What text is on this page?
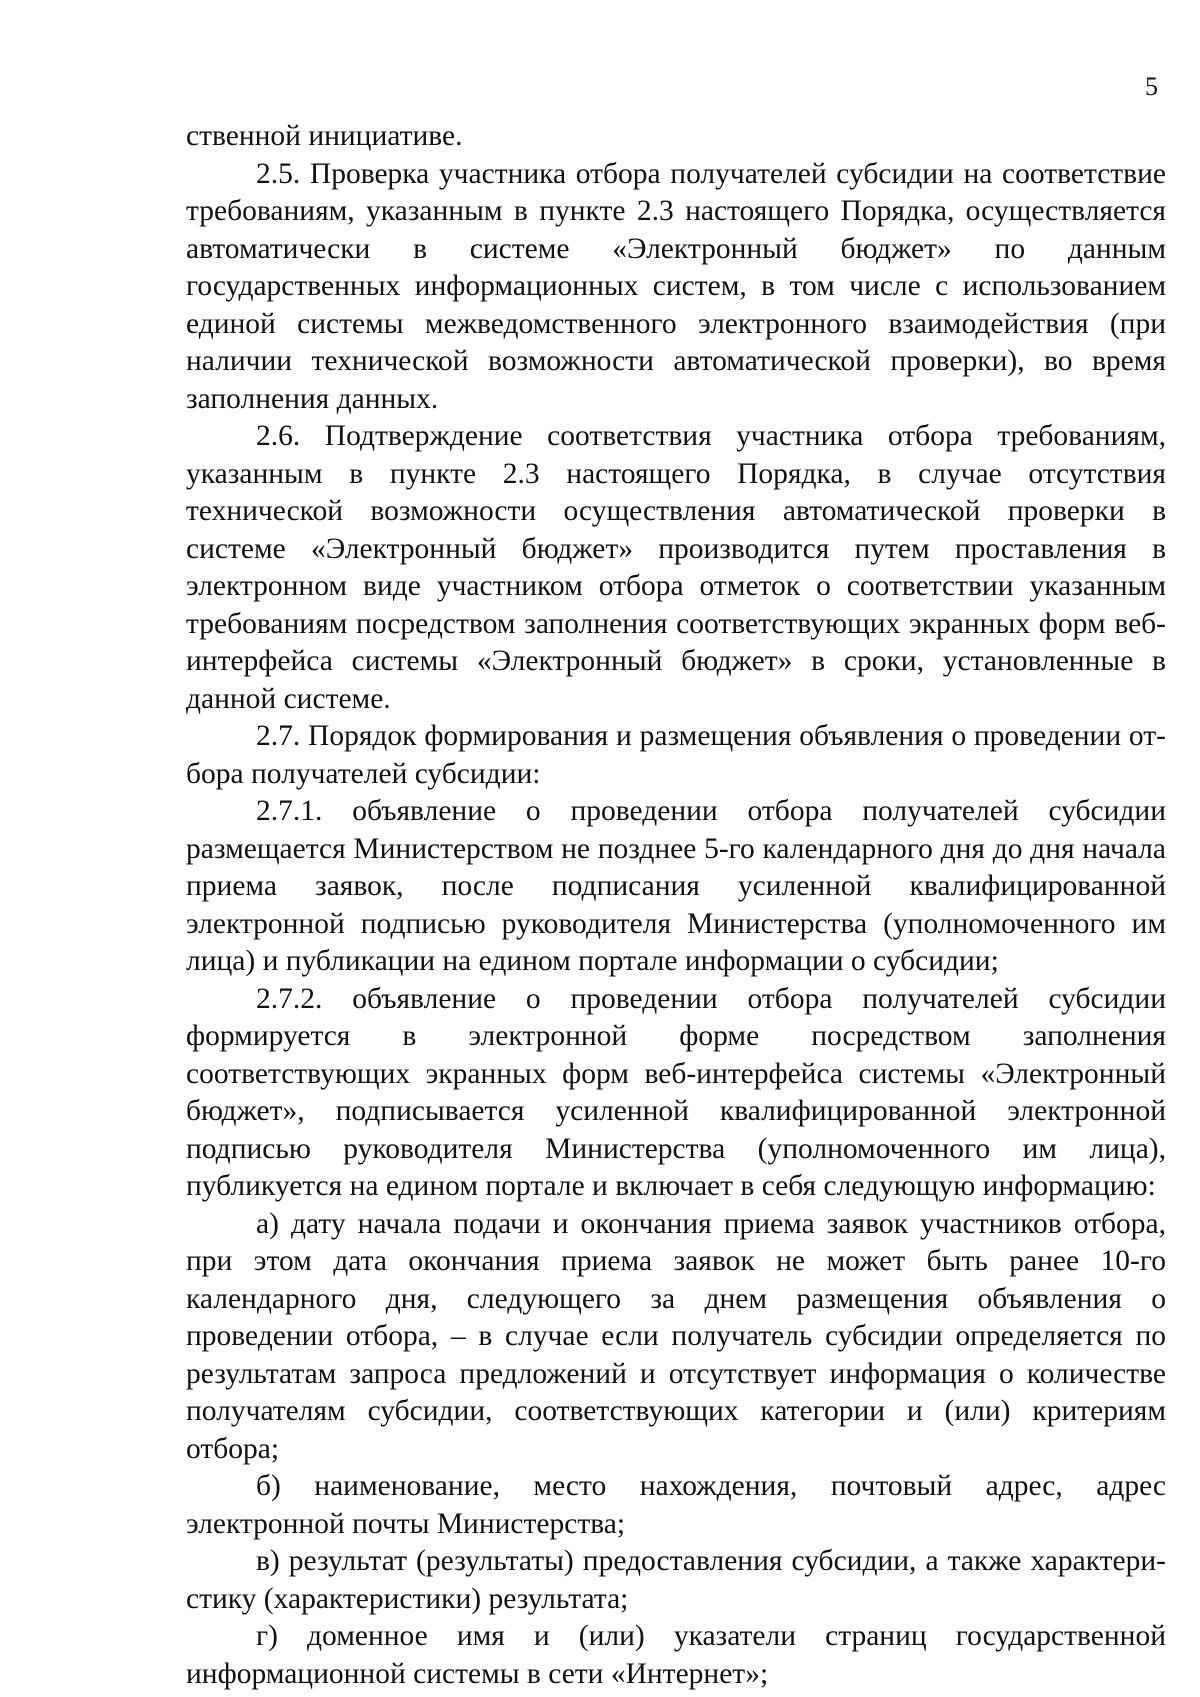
5

ственной инициативе.

2.5. Проверка участника отбора получателей субсидии на соответствие требованиям, указанным в пункте 2.3 настоящего Порядка, осуществляется автоматически в системе «Электронный бюджет» по данным государственных информационных систем, в том числе с использованием единой системы межведомственного электронного взаимодействия (при наличии технической возможности автоматической проверки), во время заполнения данных.

2.6. Подтверждение соответствия участника отбора требованиям, указанным в пункте 2.3 настоящего Порядка, в случае отсутствия технической возможности осуществления автоматической проверки в системе «Электронный бюджет» производится путем проставления в электронном виде участником отбора отметок о соответствии указанным требованиям посредством заполнения соответствующих экранных форм веб-интерфейса системы «Электронный бюджет» в сроки, установленные в данной системе.

2.7. Порядок формирования и размещения объявления о проведении отбора получателей субсидии:

2.7.1. объявление о проведении отбора получателей субсидии размещается Министерством не позднее 5-го календарного дня до дня начала приема заявок, после подписания усиленной квалифицированной электронной подписью руководителя Министерства (уполномоченного им лица) и публикации на едином портале информации о субсидии;

2.7.2. объявление о проведении отбора получателей субсидии формируется в электронной форме посредством заполнения соответствующих экранных форм веб-интерфейса системы «Электронный бюджет», подписывается усиленной квалифицированной электронной подписью руководителя Министерства (уполномоченного им лица), публикуется на едином портале и включает в себя следующую информацию:

а) дату начала подачи и окончания приема заявок участников отбора, при этом дата окончания приема заявок не может быть ранее 10-го календарного дня, следующего за днем размещения объявления о проведении отбора, – в случае если получатель субсидии определяется по результатам запроса предложений и отсутствует информация о количестве получателям субсидии, соответствующих категории и (или) критериям отбора;

б) наименование, место нахождения, почтовый адрес, адрес электронной почты Министерства;

в) результат (результаты) предоставления субсидии, а также характеристику (характеристики) результата;

г) доменное имя и (или) указатели страниц государственной информационной системы в сети «Интернет»;
